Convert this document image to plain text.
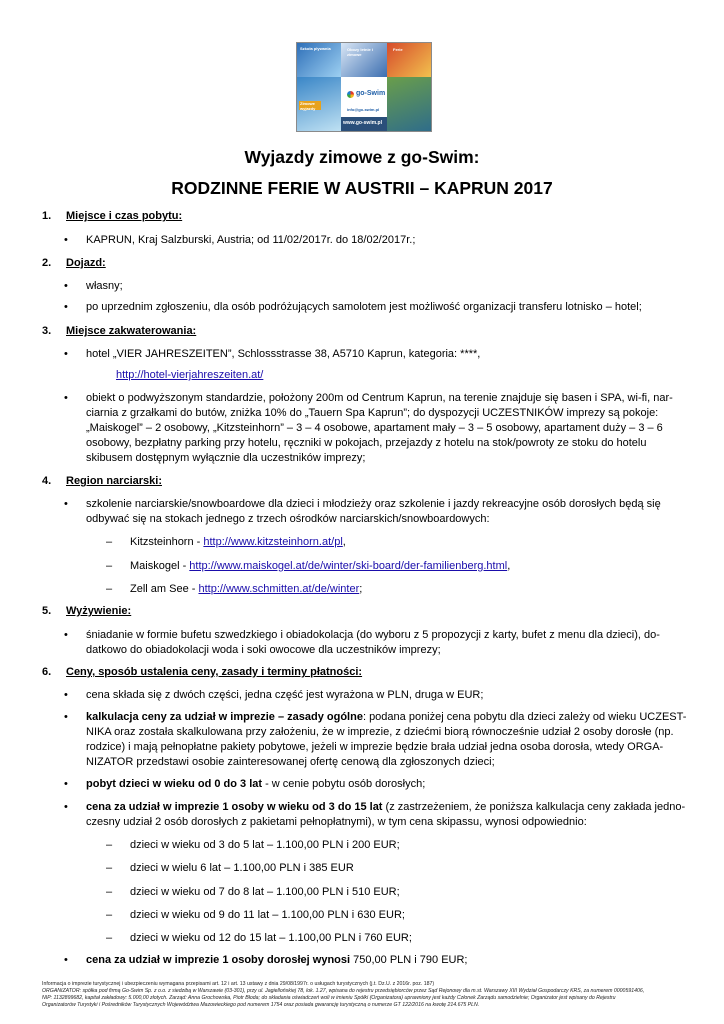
Szkoła pływania	Obozy letnie i zimowe
Ferie
Zimowe wyjazdy
go-Swim
info@go-swim.pl
www.go-swim.pl
Wyjazdy zimowe z go-Swim:
RODZINNE FERIE W AUSTRII – KAPRUN 2017
1. Miejsce i czas pobytu:
• KAPRUN, Kraj Salzburski, Austria; od 11/02/2017r. do 18/02/2017r.;
2. Dojazd:
• własny;
• po uprzednim zgłoszeniu, dla osób podróżujących samolotem jest możliwość organizacji transferu lotnisko – hotel;
3. Miejsce zakwaterowania:
• hotel „VIER JAHRESZEITEN”, Schlossstrasse 38, A5710 Kaprun, kategoria: ****,
http://hotel-vierjahreszeiten.at/
• obiekt o podwyższonym standardzie, położony 200m od Centrum Kaprun, na terenie znajduje się basen i SPA, wi-fi, nar-
ciarnia z grzałkami do butów, zniżka 10% do „Tauern Spa Kaprun”; do dyspozycji UCZESTNIKÓW imprezy są pokoje:
„Maiskogel” – 2 osobowy, „Kitzsteinhorn” – 3 – 4 osobowe, apartament mały – 3 – 5 osobowy, apartament duży – 3 – 6
osobowy, bezpłatny parking przy hotelu, ręczniki w pokojach, przejazdy z hotelu na stok/powroty ze stoku do hotelu
skibusem dostępnym wyłącznie dla uczestników imprezy;
4. Region narciarski:
• szkolenie narciarskie/snowboardowe dla dzieci i młodzieży oraz szkolenie i jazdy rekreacyjne osób dorosłych będą się
odbywać się na stokach jednego z trzech ośrodków narciarskich/snowboardowych:
– Kitzsteinhorn - http://www.kitzsteinhorn.at/pl,
– Maiskogel - http://www.maiskogel.at/de/winter/ski-board/der-familienberg.html,
– Zell am See - http://www.schmitten.at/de/winter;
5. Wyżywienie:
• śniadanie w formie bufetu szwedzkiego i obiadokolacja (do wyboru z 5 propozycji z karty, bufet z menu dla dzieci), do-
datkowo do obiadokolacji woda i soki owocowe dla uczestników imprezy;
6. Ceny, sposób ustalenia ceny, zasady i terminy płatności:
• cena składa się z dwóch części, jedna część jest wyrażona w PLN, druga w EUR;
• kalkulacja ceny za udział w imprezie – zasady ogólne: podana poniżej cena pobytu dla dzieci zależy od wieku UCZEST-
NIKA oraz została skalkulowana przy założeniu, że w imprezie, z dziećmi biorą równocześnie udział 2 osoby dorosłe (np.
rodzice) i mają pełnopłatne pakiety pobytowe, jeżeli w imprezie będzie brała udział jedna osoba dorosła, wtedy ORGA-
NIZATOR przedstawi osobie zainteresowanej ofertę cenową dla zgłoszonych dzieci;
• pobyt dzieci w wieku od 0 do 3 lat - w cenie pobytu osób dorosłych;
• cena za udział w imprezie 1 osoby w wieku od 3 do 15 lat (z zastrzeżeniem, że poniższa kalkulacja ceny zakłada jedno-
czesny udział 2 osób dorosłych z pakietami pełnopłatnymi), w tym cena skipassu, wynosi odpowiednio:
– dzieci w wieku od 3 do 5 lat – 1.100,00 PLN i 200 EUR;
– dzieci w wielu 6 lat – 1.100,00 PLN i 385 EUR
– dzieci w wieku od 7 do 8 lat – 1.100,00 PLN i 510 EUR;
– dzieci w wieku od 9 do 11 lat – 1.100,00 PLN i 630 EUR;
– dzieci w wieku od 12 do 15 lat – 1.100,00 PLN i 760 EUR;
• cena za udział w imprezie 1 osoby dorosłej wynosi 750,00 PLN i 790 EUR;
Informacja o imprezie turystycznej i ubezpieczeniu wymagana przepisami art. 12 i art. 13 ustawy z dnia 29/08/1997r. o usługach turystycznych (j.t. Dz.U. z 2016r. poz. 187)
ORGANIZATOR: spółka pod firmą Go-Swim Sp. z o.o. z siedzibą w Warszawie (03-301), przy ul. Jagiellońskiej 78, lok. 1.27, wpisana do rejestru przedsiębiorców przez Sąd Rejonowy dla m.st. Warszawy XIII Wydział Gospodarczy KRS, za numerem 0000591406,
NIP: 1132899682, kapitał zakładowy: 5.000,00 złotych. Zarząd: Anna Grochowska, Piotr Błoda; do składania oświadczeń woli w imieniu Spółki (Organizatora) uprawniony jest każdy Członek Zarządu samodzielnie; Organizator jest wpisany do Rejestru
Organizatorów Turystyki i Pośredników Turystycznych Województwa Mazowieckiego pod numerem 1754 oraz posiada gwarancję turystyczną o numerze GT 122/2016 na kwotę 214.675 PLN.
